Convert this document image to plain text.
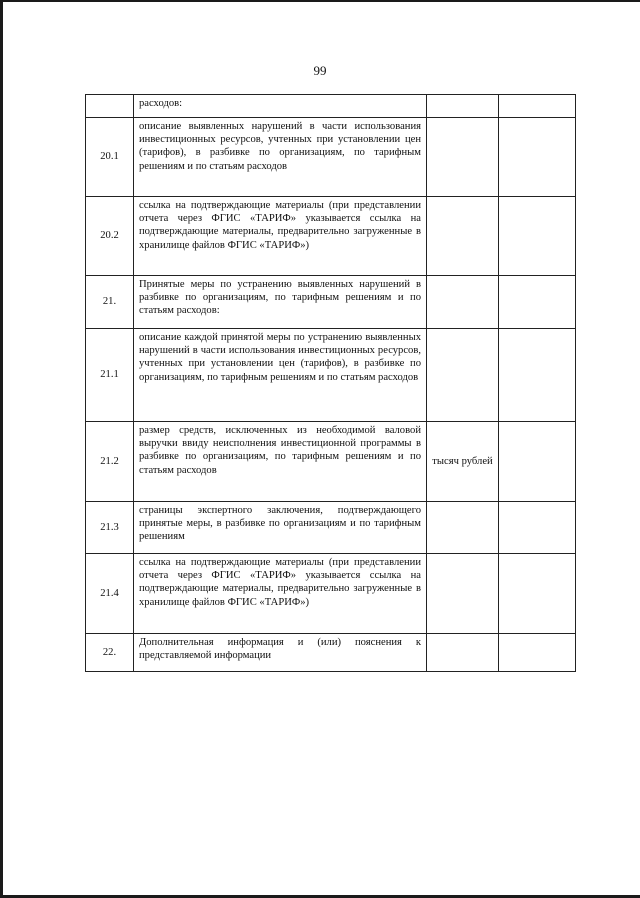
99
	расходов:		
20.1	описание выявленных нарушений в части использования инвестиционных ресурсов, учтенных при установлении цен (тарифов), в разбивке по организациям, по тарифным решениям и по статьям расходов		
20.2	ссылка на подтверждающие материалы (при представлении отчета через ФГИС «ТАРИФ» указывается ссылка на подтверждающие материалы, предварительно загруженные в хранилище файлов ФГИС «ТАРИФ»)		
21.	Принятые меры по устранению выявленных нарушений в разбивке по организациям, по тарифным решениям и по статьям расходов:		
21.1	описание каждой принятой меры по устранению выявленных нарушений в части использования инвестиционных ресурсов, учтенных при установлении цен (тарифов), в разбивке по организациям, по тарифным решениям и по статьям расходов		
21.2	размер средств, исключенных из необходимой валовой выручки ввиду неисполнения инвестиционной программы в разбивке по организациям, по тарифным решениям и по статьям расходов	тысяч рублей	
21.3	страницы экспертного заключения, подтверждающего принятые меры, в разбивке по организациям и по тарифным решениям		
21.4	ссылка на подтверждающие материалы (при представлении отчета через ФГИС «ТАРИФ» указывается ссылка на подтверждающие материалы, предварительно загруженные в хранилище файлов ФГИС «ТАРИФ»)		
22.	Дополнительная информация и (или) пояснения к представляемой информации		
